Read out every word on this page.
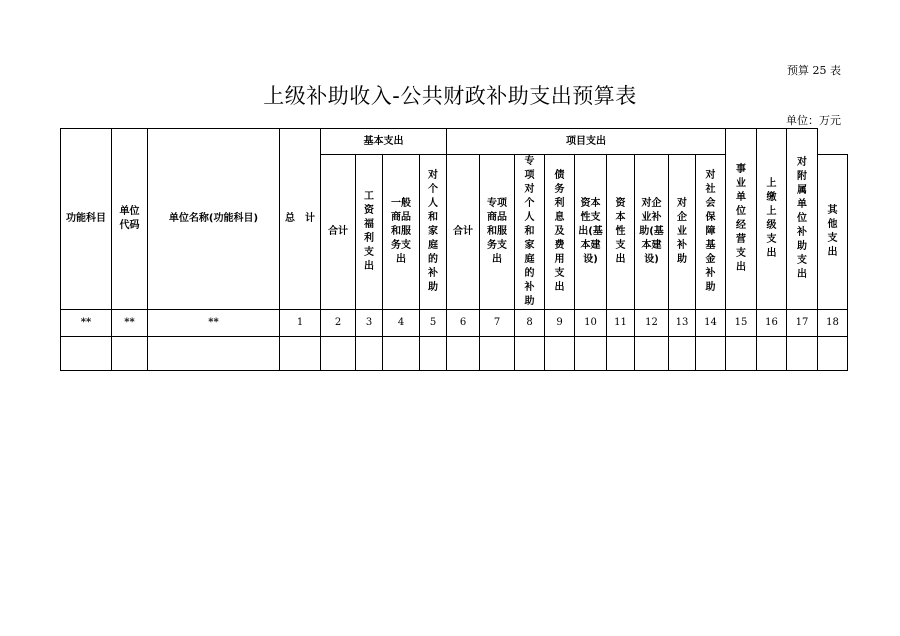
预算 25 表
上级补助收入-公共财政补助支出预算表
单位：万元
功能科目	单位代码	单位名称(功能科目)	总　计	基本支出				项目支出									事业单位经营支出	上缴上级支出	对附属单位补助支出	

				合计	工资福利支出	一般商品和服务支出	对个人和家庭的补助	合计	专项商品和服务支出	专项对个人和家庭的补助	债务利息及费用支出	资本性支出(基本建设)	资本性支出	对企业补助(基本建设)	对企业补助	对社会保障基金补助				其他支出

**	**	**	1	2	3	4	5	6	7	8	9	10	11	12	13	14	15	16	17	18
